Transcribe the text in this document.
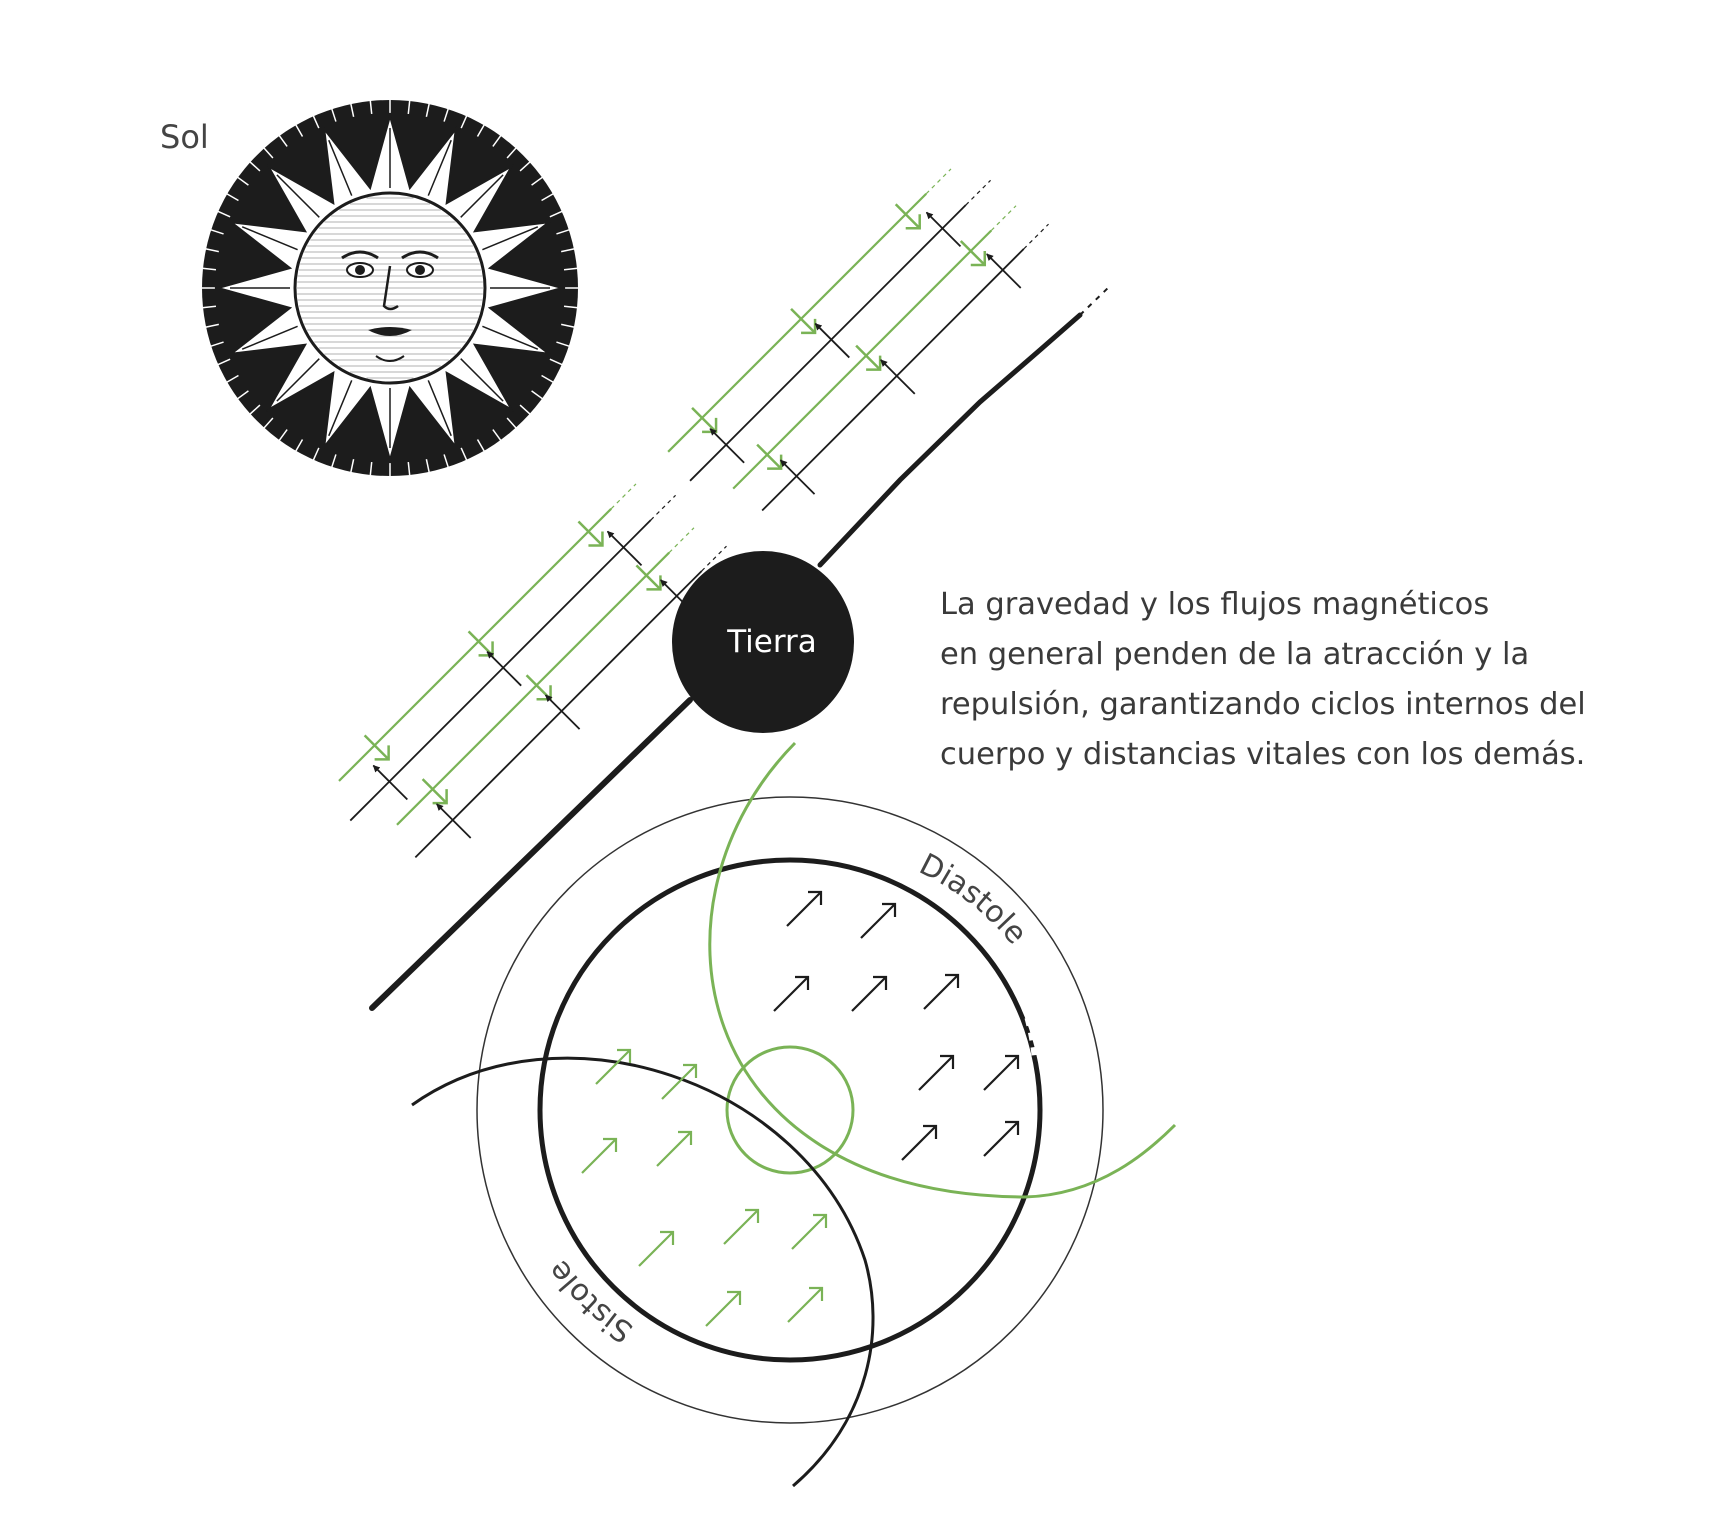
Tierra
Diastole
Sistole
Sol
La gravedad y los flujos magnéticos
en general penden de la atracción y la
repulsión, garantizando ciclos internos del
cuerpo y distancias vitales con los demás.
